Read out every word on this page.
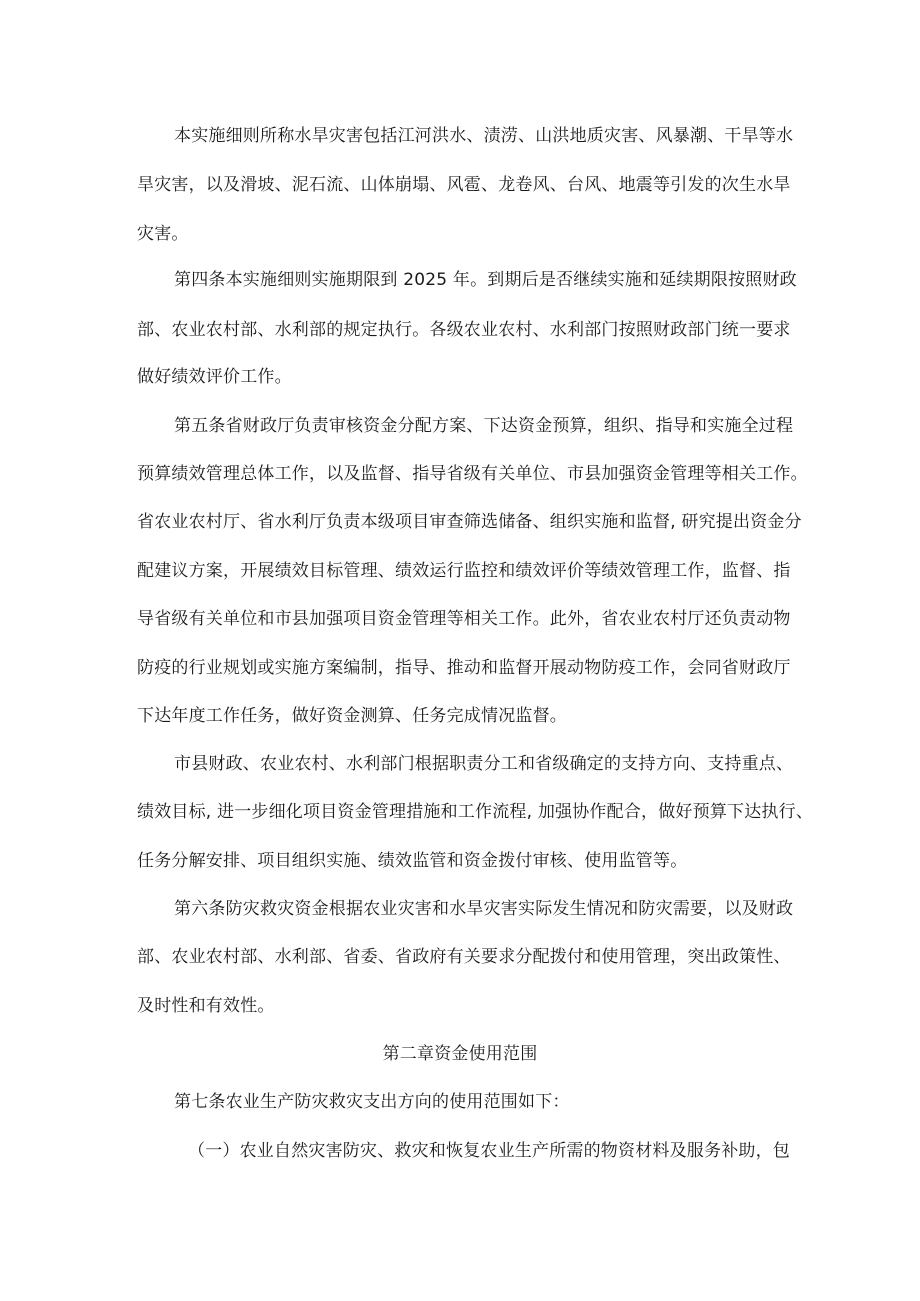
本实施细则所称水旱灾害包括江河洪水、渍涝、山洪地质灾害、风暴潮、干旱等水
旱灾害，以及滑坡、泥石流、山体崩塌、风雹、龙卷风、台风、地震等引发的次生水旱
灾害。
第四条本实施细则实施期限到 2025 年。到期后是否继续实施和延续期限按照财政
部、农业农村部、水利部的规定执行。各级农业农村、水利部门按照财政部门统一要求
做好绩效评价工作。
第五条省财政厅负责审核资金分配方案、下达资金预算，组织、指导和实施全过程
预算绩效管理总体工作，以及监督、指导省级有关单位、市县加强资金管理等相关工作。
省农业农村厅、省水利厅负责本级项目审查筛选储备、组织实施和监督, 研究提出资金分
配建议方案，开展绩效目标管理、绩效运行监控和绩效评价等绩效管理工作，监督、指
导省级有关单位和市县加强项目资金管理等相关工作。此外，省农业农村厅还负责动物
防疫的行业规划或实施方案编制，指导、推动和监督开展动物防疫工作，会同省财政厅
下达年度工作任务，做好资金测算、任务完成情况监督。
市县财政、农业农村、水利部门根据职责分工和省级确定的支持方向、支持重点、
绩效目标, 进一步细化项目资金管理措施和工作流程, 加强协作配合，做好预算下达执行、
任务分解安排、项目组织实施、绩效监管和资金拨付审核、使用监管等。
第六条防灾救灾资金根据农业灾害和水旱灾害实际发生情况和防灾需要，以及财政
部、农业农村部、水利部、省委、省政府有关要求分配拨付和使用管理，突出政策性、
及时性和有效性。
第二章资金使用范围
第七条农业生产防灾救灾支出方向的使用范围如下：
（一）农业自然灾害防灾、救灾和恢复农业生产所需的物资材料及服务补助，包
